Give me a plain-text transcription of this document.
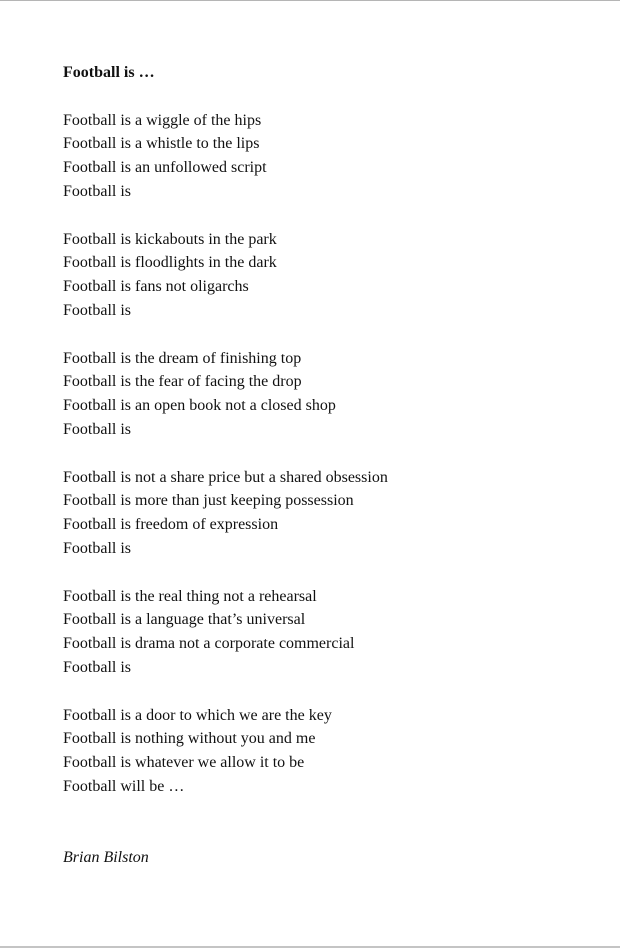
Football is …
Football is a wiggle of the hips
Football is a whistle to the lips
Football is an unfollowed script
Football is
Football is kickabouts in the park
Football is floodlights in the dark
Football is fans not oligarchs
Football is
Football is the dream of finishing top
Football is the fear of facing the drop
Football is an open book not a closed shop
Football is
Football is not a share price but a shared obsession
Football is more than just keeping possession
Football is freedom of expression
Football is
Football is the real thing not a rehearsal
Football is a language that’s universal
Football is drama not a corporate commercial
Football is
Football is a door to which we are the key
Football is nothing without you and me
Football is whatever we allow it to be
Football will be …
Brian Bilston
